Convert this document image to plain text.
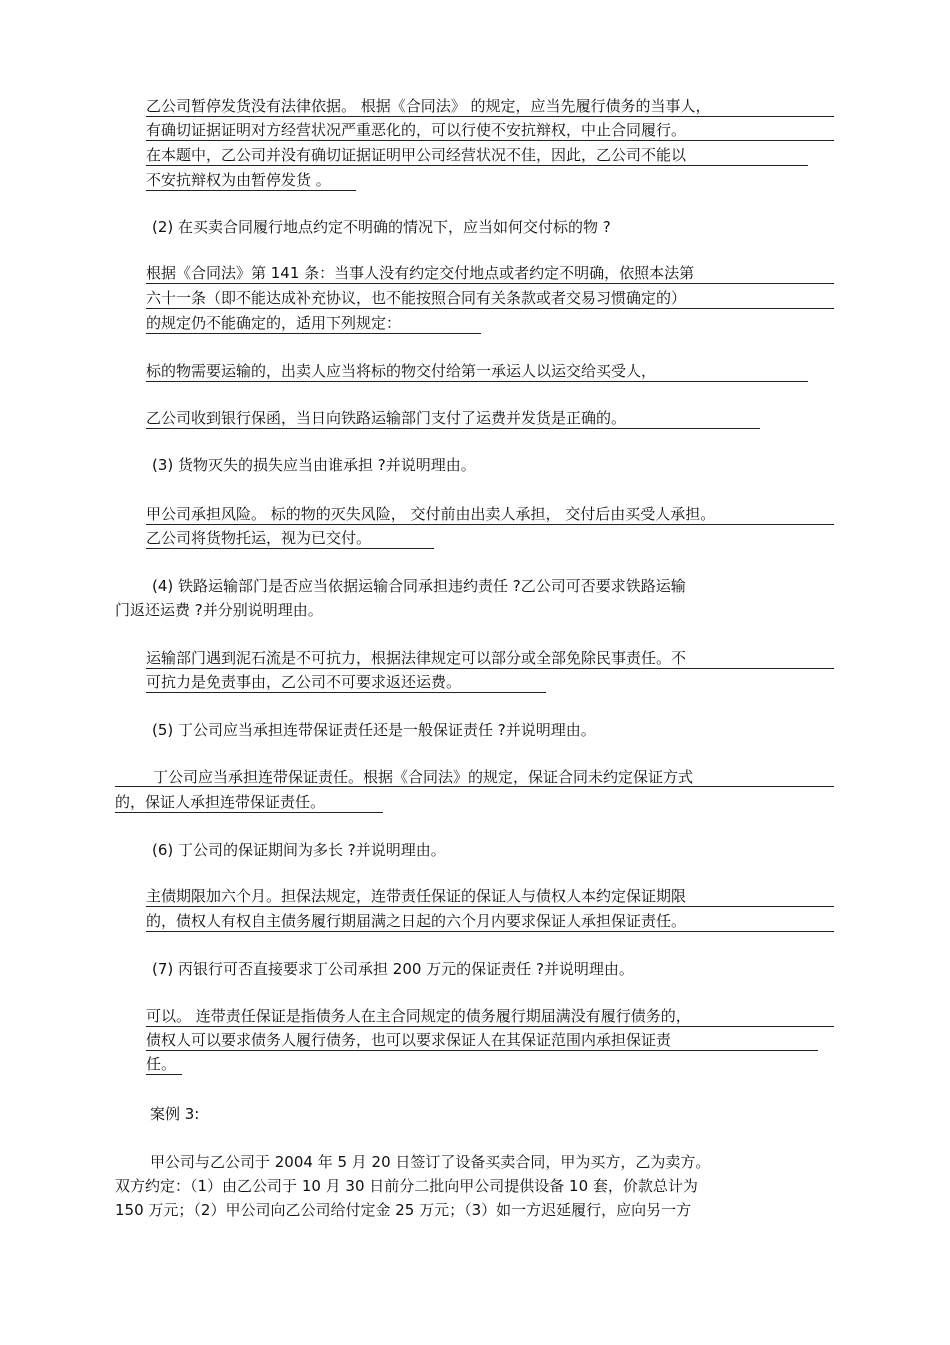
乙公司暂停发货没有法律依据。 根据《合同法》 的规定，应当先履行债务的当事人，
有确切证据证明对方经营状况严重恶化的，可以行使不安抗辩权，中止合同履行。
在本题中，乙公司并没有确切证据证明甲公司经营状况不佳，因此，乙公司不能以
不安抗辩权为由暂停发货 。
(2) 在买卖合同履行地点约定不明确的情况下，应当如何交付标的物 ?
根据《合同法》第 141 条：当事人没有约定交付地点或者约定不明确，依照本法第
六十一条（即不能达成补充协议，也不能按照合同有关条款或者交易习惯确定的）
的规定仍不能确定的，适用下列规定：
标的物需要运输的，出卖人应当将标的物交付给第一承运人以运交给买受人，
乙公司收到银行保函，当日向铁路运输部门支付了运费并发货是正确的。
(3) 货物灭失的损失应当由谁承担 ?并说明理由。
甲公司承担风险。 标的物的灭失风险， 交付前由出卖人承担， 交付后由买受人承担。
乙公司将货物托运，视为已交付。
(4) 铁路运输部门是否应当依据运输合同承担违约责任 ?乙公司可否要求铁路运输
门返还运费 ?并分别说明理由。
运输部门遇到泥石流是不可抗力，根据法律规定可以部分或全部免除民事责任。不
可抗力是免责事由，乙公司不可要求返还运费。
(5) 丁公司应当承担连带保证责任还是一般保证责任 ?并说明理由。
丁公司应当承担连带保证责任。根据《合同法》的规定，保证合同未约定保证方式
的，保证人承担连带保证责任。
(6) 丁公司的保证期间为多长 ?并说明理由。
主债期限加六个月。担保法规定，连带责任保证的保证人与债权人本约定保证期限
的，债权人有权自主债务履行期届满之日起的六个月内要求保证人承担保证责任。
(7) 丙银行可否直接要求丁公司承担 200 万元的保证责任 ?并说明理由。
可以。 连带责任保证是指债务人在主合同规定的债务履行期届满没有履行债务的，
债权人可以要求债务人履行债务，也可以要求保证人在其保证范围内承担保证责
任。
案例 3:
甲公司与乙公司于 2004 年 5 月 20 日签订了设备买卖合同，甲为买方，乙为卖方。
双方约定：（1）由乙公司于 10 月 30 日前分二批向甲公司提供设备 10 套，价款总计为
150 万元；（2）甲公司向乙公司给付定金 25 万元；（3）如一方迟延履行，应向另一方
